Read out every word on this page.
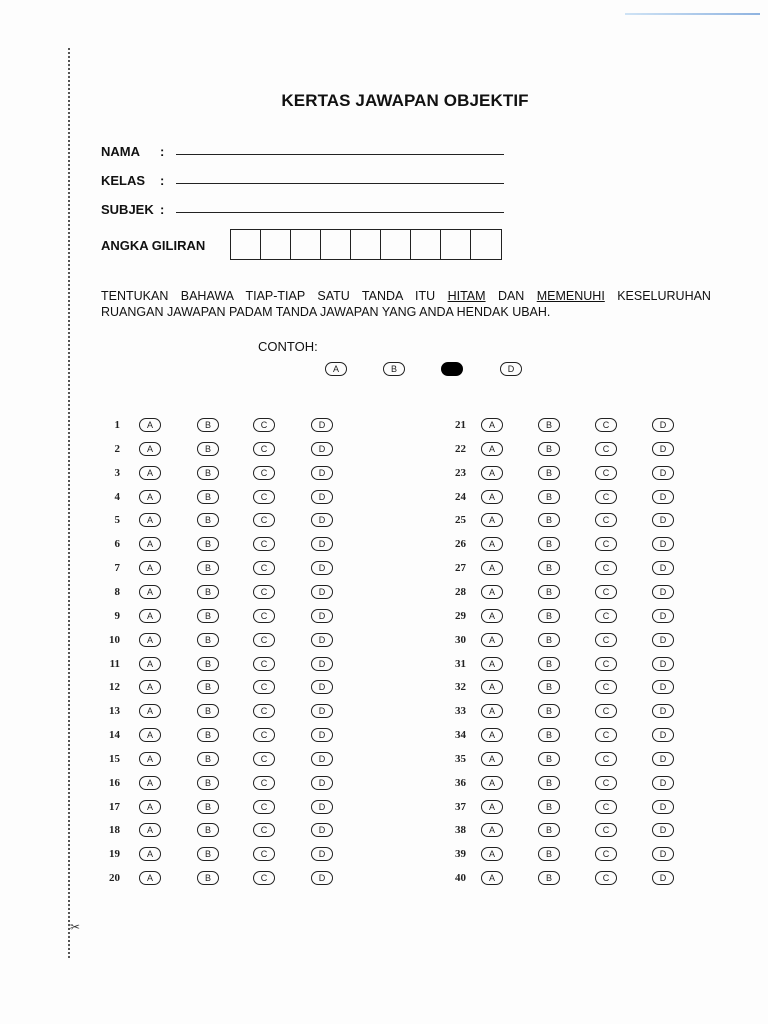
✂
KERTAS JAWAPAN OBJEKTIF
NAMA :
KELAS :
SUBJEK :
ANGKA GILIRAN
TENTUKAN BAHAWA TIAP-TIAP SATU TANDA ITU HITAM DAN MEMENUHI KESELURUHAN
RUANGAN JAWAPAN PADAM TANDA JAWAPAN YANG ANDA HENDAK UBAH.
CONTOH:
A	B	D
1	A	B	C	D
2	A	B	C	D
3	A	B	C	D
4	A	B	C	D
5	A	B	C	D
6	A	B	C	D
7	A	B	C	D
8	A	B	C	D
9	A	B	C	D
10	A	B	C	D
11	A	B	C	D
12	A	B	C	D
13	A	B	C	D
14	A	B	C	D
15	A	B	C	D
16	A	B	C	D
17	A	B	C	D
18	A	B	C	D
19	A	B	C	D
20	A	B	C	D
21	A	B	C	D
22	A	B	C	D
23	A	B	C	D
24	A	B	C	D
25	A	B	C	D
26	A	B	C	D
27	A	B	C	D
28	A	B	C	D
29	A	B	C	D
30	A	B	C	D
31	A	B	C	D
32	A	B	C	D
33	A	B	C	D
34	A	B	C	D
35	A	B	C	D
36	A	B	C	D
37	A	B	C	D
38	A	B	C	D
39	A	B	C	D
40	A	B	C	D
